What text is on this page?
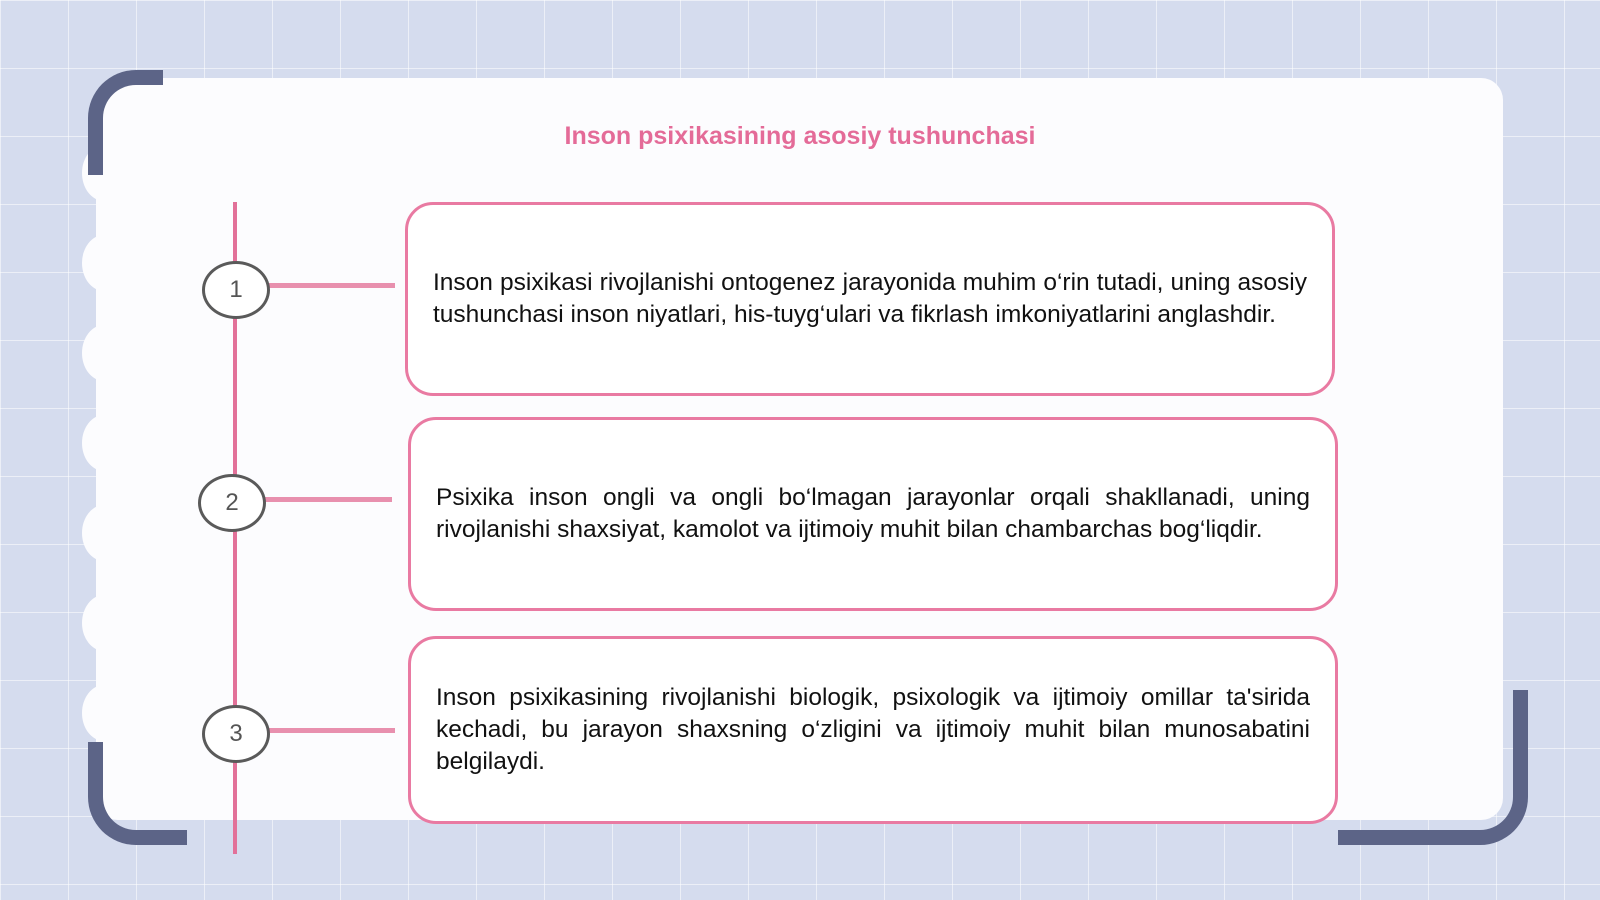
Inson psixikasining asosiy tushunchasi
1
2
3

Inson psixikasi rivojlanishi ontogenez jarayonida muhim o‘rin tutadi, uning asosiy tushunchasi inson niyatlari, his-tuyg‘ulari va fikrlash imkoniyatlarini anglashdir.

Psixika inson ongli va ongli bo‘lmagan jarayonlar orqali shakllanadi, uning rivojlanishi shaxsiyat, kamolot va ijtimoiy muhit bilan chambarchas bog‘liqdir.

Inson psixikasining rivojlanishi biologik, psixologik va ijtimoiy omillar ta'sirida kechadi, bu jarayon shaxsning o‘zligini va ijtimoiy muhit bilan munosabatini belgilaydi.
